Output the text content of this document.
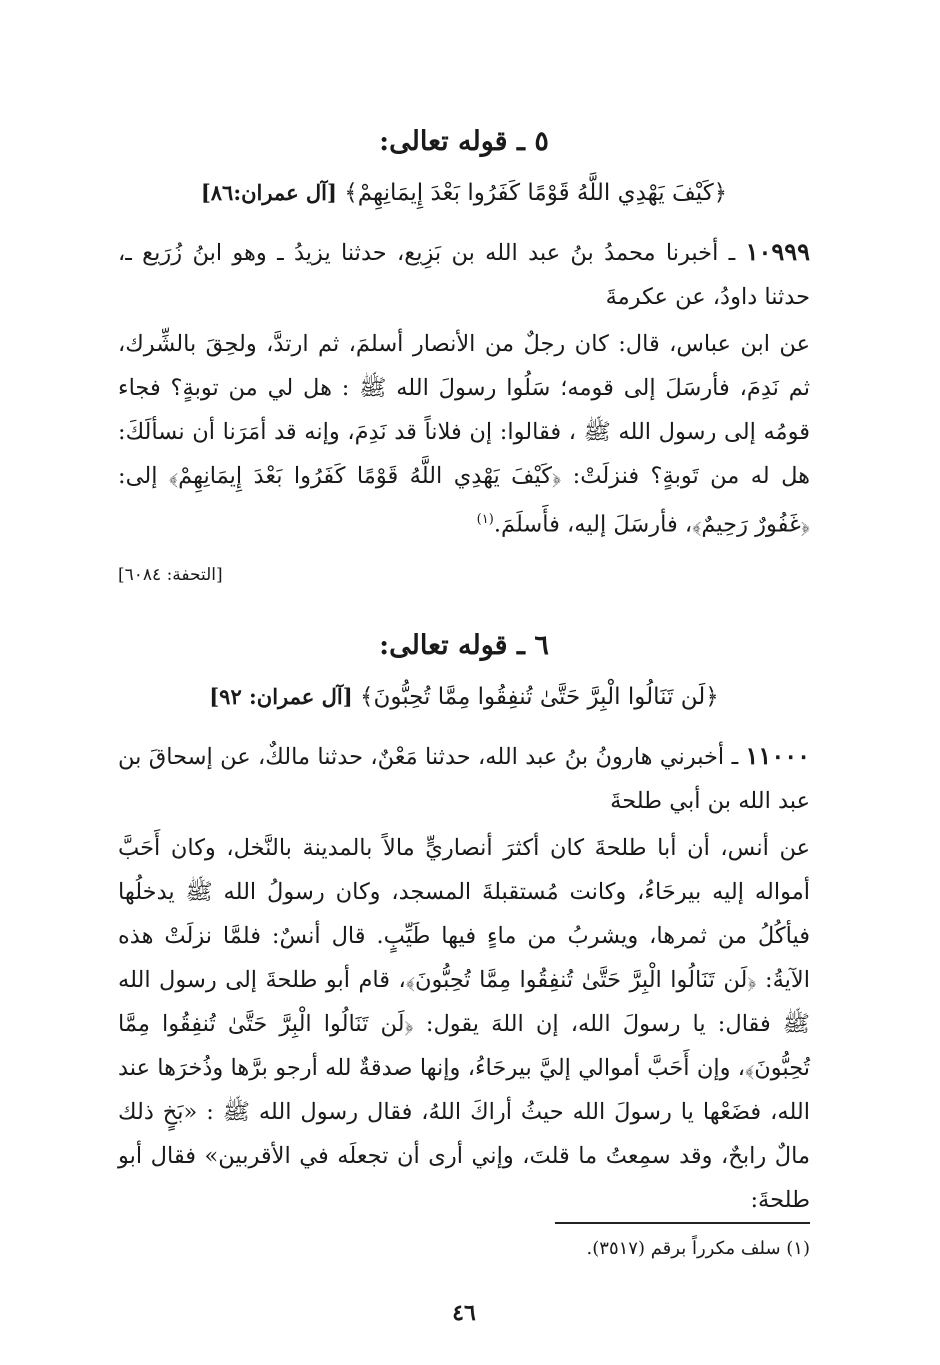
٥ ـ قوله تعالى:
﴿كَيْفَ يَهْدِي اللَّهُ قَوْمًا كَفَرُوا بَعْدَ إِيمَانِهِمْ﴾ [آل عمران:٨٦]
١٠٩٩٩ ـ أخبرنا محمدُ بنُ عبد الله بن بَزِيع، حدثنا يزيدُ ـ وهو ابنُ زُرَيع ـ، حدثنا داودُ، عن عكرمةَ
عن ابن عباس، قال: كان رجلٌ من الأنصار أسلمَ، ثم ارتدَّ، ولحِقَ بالشِّرك، ثم نَدِمَ، فأرسَلَ إلى قومه؛ سَلُوا رسولَ الله ﷺ : هل لي من توبةٍ؟ فجاء قومُه إلى رسول الله ﷺ ، فقالوا: إن فلاناً قد نَدِمَ، وإنه قد أمَرَنا أن نسألَكَ: هل له من تَوبةٍ؟ فنزلَتْ: ﴿كَيْفَ يَهْدِي اللَّهُ قَوْمًا كَفَرُوا بَعْدَ إِيمَانِهِمْ﴾ إلى: ﴿غَفُورٌ رَحِيمٌ﴾، فأرسَلَ إليه، فأَسلَمَ.$^{(١)}$
[التحفة: ٦٠٨٤]
٦ ـ قوله تعالى:
﴿لَن تَنَالُوا الْبِرَّ حَتَّىٰ تُنفِقُوا مِمَّا تُحِبُّونَ﴾ [آل عمران: ٩٢]
١١٠٠٠ ـ أخبرني هارونُ بنُ عبد الله، حدثنا مَعْنٌ، حدثنا مالكٌ، عن إسحاقَ بن عبد الله بن أبي طلحةَ
عن أنس، أن أبا طلحةَ كان أكثرَ أنصاريٍّ مالاً بالمدينة بالنَّخل، وكان أَحَبَّ أمواله إليه بيرحَاءُ، وكانت مُستقبلةَ المسجد، وكان رسولُ الله ﷺ يدخلُها فيأكُلُ من ثمرها، ويشربُ من ماءٍ فيها طَيِّبٍ. قال أنسٌ: فلمَّا نزلَتْ هذه الآيةُ: ﴿لَن تَنَالُوا الْبِرَّ حَتَّىٰ تُنفِقُوا مِمَّا تُحِبُّونَ﴾، قام أبو طلحةَ إلى رسول الله ﷺ فقال: يا رسولَ الله، إن اللهَ يقول: ﴿لَن تَنَالُوا الْبِرَّ حَتَّىٰ تُنفِقُوا مِمَّا تُحِبُّونَ﴾، وإن أَحَبَّ أموالي إليَّ بيرحَاءُ، وإنها صدقةٌ لله أرجو برَّها وذُخرَها عند الله، فضَعْها يا رسولَ الله حيثُ أراكَ اللهُ، فقال رسول الله ﷺ : «بَخٍ ذلك مالٌ رابحٌ، وقد سمِعتُ ما قلتَ، وإني أرى أن تجعلَه في الأقربين» فقال أبو طلحةَ:
(١) سلف مكرراً برقم (٣٥١٧).
٤٦
